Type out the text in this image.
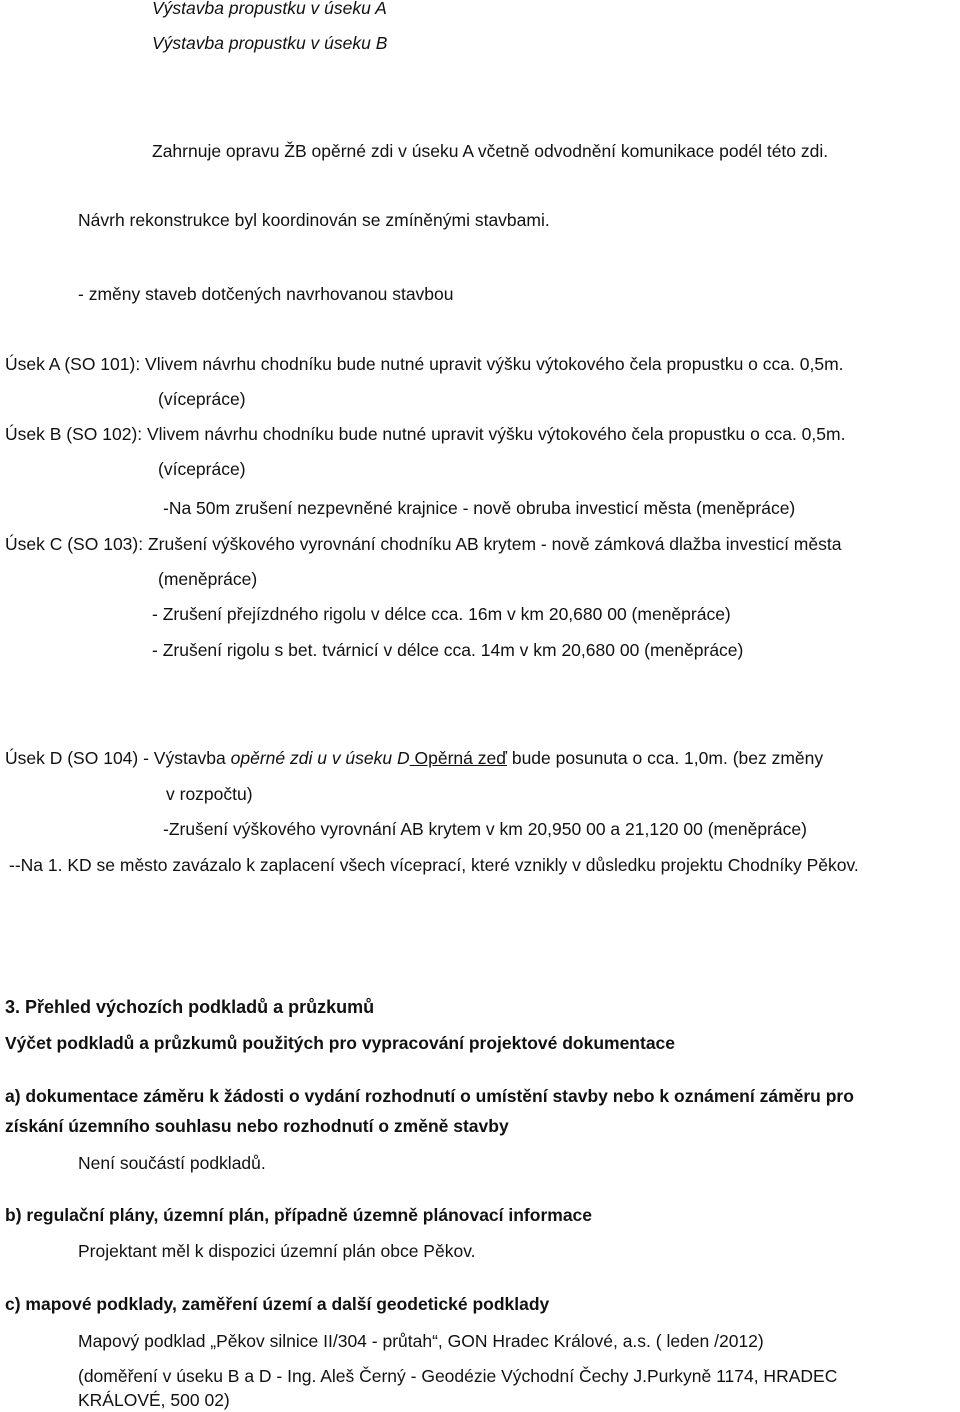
Výstavba propustku v úseku A
Výstavba propustku v úseku B
Zahrnuje opravu ŽB opěrné zdi v úseku A včetně odvodnění komunikace podél této zdi.
Návrh rekonstrukce byl koordinován se zmíněnými stavbami.
- změny staveb dotčených navrhovanou stavbou
Úsek A (SO 101): Vlivem návrhu chodníku bude nutné upravit výšku výtokového čela propustku o cca. 0,5m.
(vícepráce)
Úsek B (SO 102): Vlivem návrhu chodníku bude nutné upravit výšku výtokového čela propustku o cca. 0,5m.
(vícepráce)
-Na 50m zrušení nezpevněné krajnice - nově obruba investicí města (meněpráce)
Úsek C (SO 103): Zrušení výškového vyrovnání chodníku AB krytem - nově zámková dlažba investicí města
(meněpráce)
- Zrušení přejízdného rigolu v délce cca. 16m v km 20,680 00 (meněpráce)
- Zrušení rigolu s bet. tvárnicí v délce cca. 14m v km 20,680 00 (meněpráce)
Úsek D (SO 104) - Výstavba opěrné zdi u v úseku D Opěrná zeď bude posunuta o cca. 1,0m. (bez změny
v rozpočtu)
-Zrušení výškového vyrovnání AB krytem v km 20,950 00 a 21,120 00 (meněpráce)
--Na 1. KD se město zavázalo k zaplacení všech víceprací, které vznikly v důsledku projektu Chodníky Pěkov.
3. Přehled výchozích podkladů a průzkumů
Výčet podkladů a průzkumů použitých pro vypracování projektové dokumentace
a) dokumentace záměru k žádosti o vydání rozhodnutí o umístění stavby nebo k oznámení záměru pro
získání územního souhlasu nebo rozhodnutí o změně stavby
Není součástí podkladů.
b) regulační plány, územní plán, případně územně plánovací informace
Projektant měl k dispozici územní plán obce Pěkov.
c) mapové podklady, zaměření území a další geodetické podklady
Mapový podklad „Pěkov silnice II/304 - průtah“, GON Hradec Králové, a.s. ( leden /2012)
(doměření v úseku B a D - Ing. Aleš Černý - Geodézie Východní Čechy J.Purkyně 1174, HRADEC
KRÁLOVÉ, 500 02)
